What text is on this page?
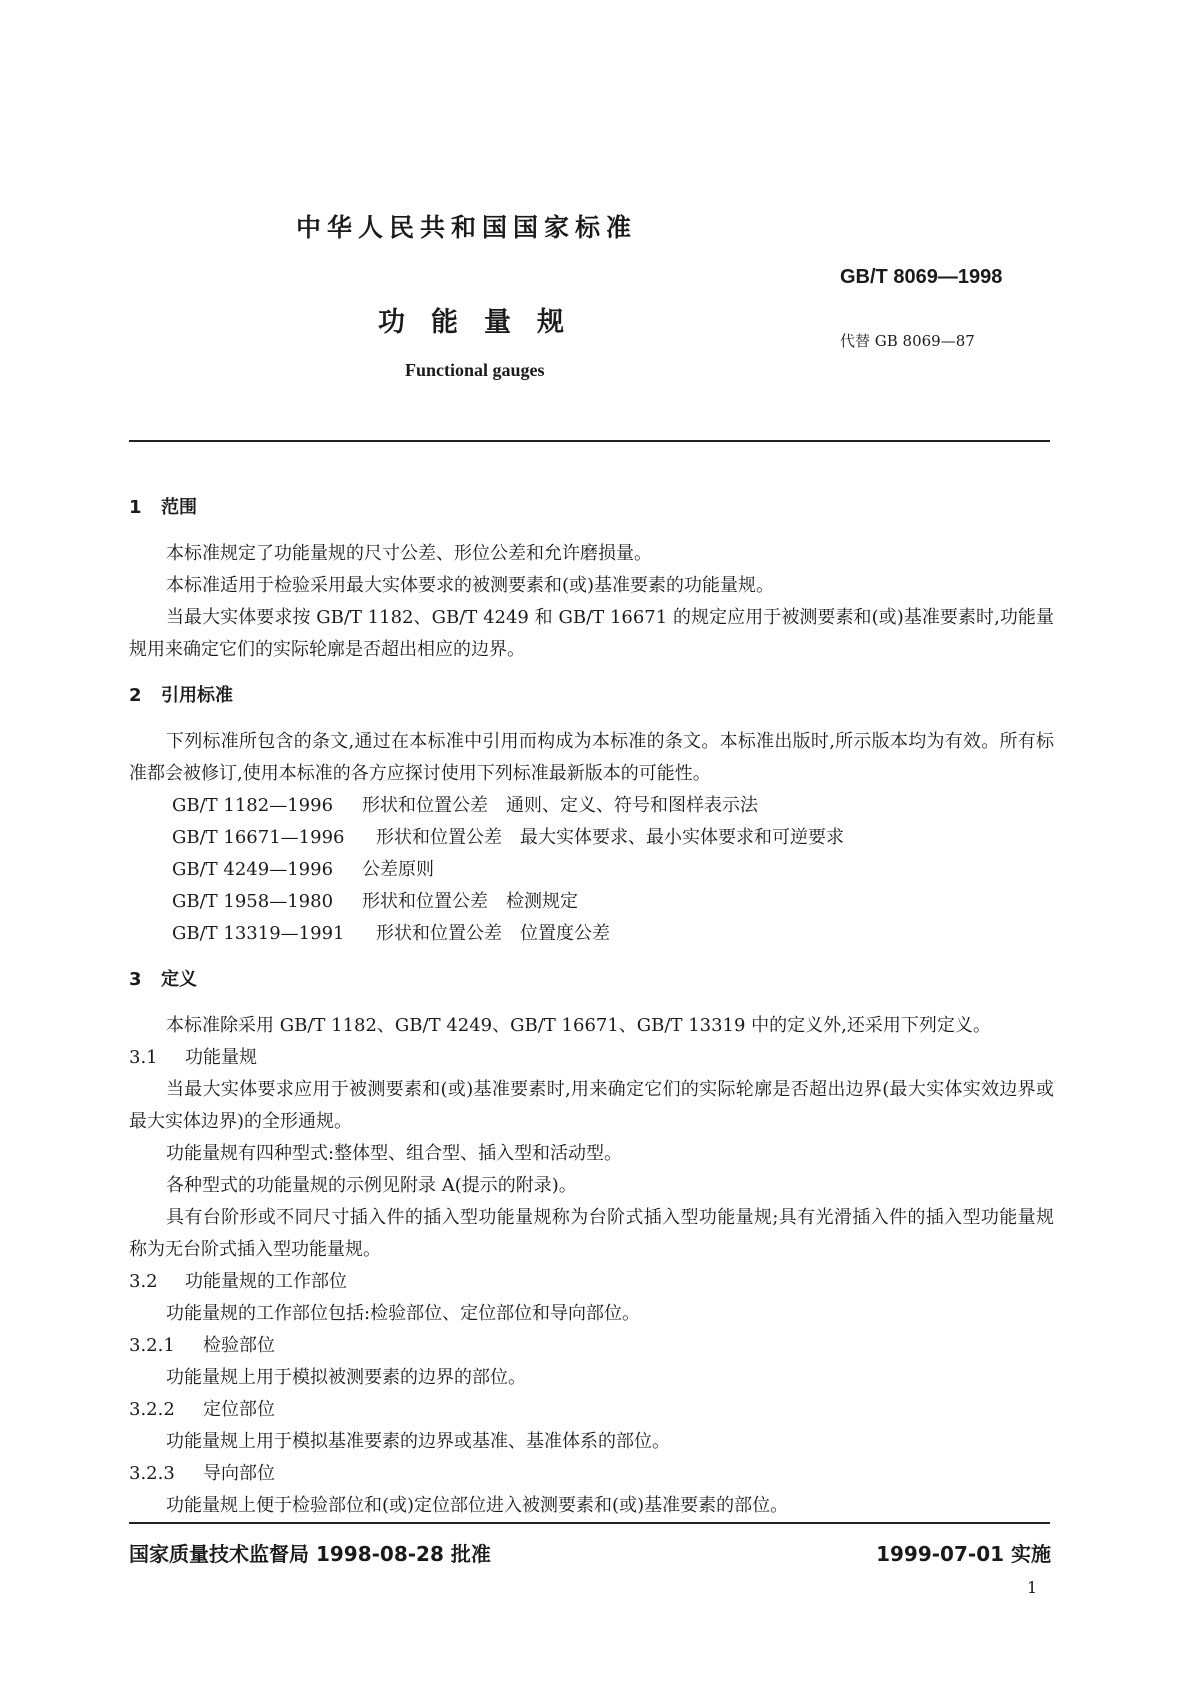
中华人民共和国国家标准
GB/T 8069—1998
功能量规
代替 GB 8069—87
Functional gauges
1 范围

本标准规定了功能量规的尺寸公差、形位公差和允许磨损量。

本标准适用于检验采用最大实体要求的被测要素和(或)基准要素的功能量规。

当最大实体要求按 GB/T 1182、GB/T 4249 和 GB/T 16671 的规定应用于被测要素和(或)基准要素时,功能量规用来确定它们的实际轮廓是否超出相应的边界。

2 引用标准

下列标准所包含的条文,通过在本标准中引用而构成为本标准的条文。本标准出版时,所示版本均为有效。所有标准都会被修订,使用本标准的各方应探讨使用下列标准最新版本的可能性。

GB/T 1182—1996 形状和位置公差　通则、定义、符号和图样表示法

GB/T 16671—1996 形状和位置公差　最大实体要求、最小实体要求和可逆要求

GB/T 4249—1996 公差原则

GB/T 1958—1980 形状和位置公差　检测规定

GB/T 13319—1991 形状和位置公差　位置度公差

3 定义

本标准除采用 GB/T 1182、GB/T 4249、GB/T 16671、GB/T 13319 中的定义外,还采用下列定义。

3.1 功能量规

当最大实体要求应用于被测要素和(或)基准要素时,用来确定它们的实际轮廓是否超出边界(最大实体实效边界或最大实体边界)的全形通规。

功能量规有四种型式:整体型、组合型、插入型和活动型。

各种型式的功能量规的示例见附录 A(提示的附录)。

具有台阶形或不同尺寸插入件的插入型功能量规称为台阶式插入型功能量规;具有光滑插入件的插入型功能量规称为无台阶式插入型功能量规。

3.2 功能量规的工作部位

功能量规的工作部位包括:检验部位、定位部位和导向部位。

3.2.1 检验部位

功能量规上用于模拟被测要素的边界的部位。

3.2.2 定位部位

功能量规上用于模拟基准要素的边界或基准、基准体系的部位。

3.2.3 导向部位

功能量规上便于检验部位和(或)定位部位进入被测要素和(或)基准要素的部位。

国家质量技术监督局 1998-08-28 批准	1999-07-01 实施
1
